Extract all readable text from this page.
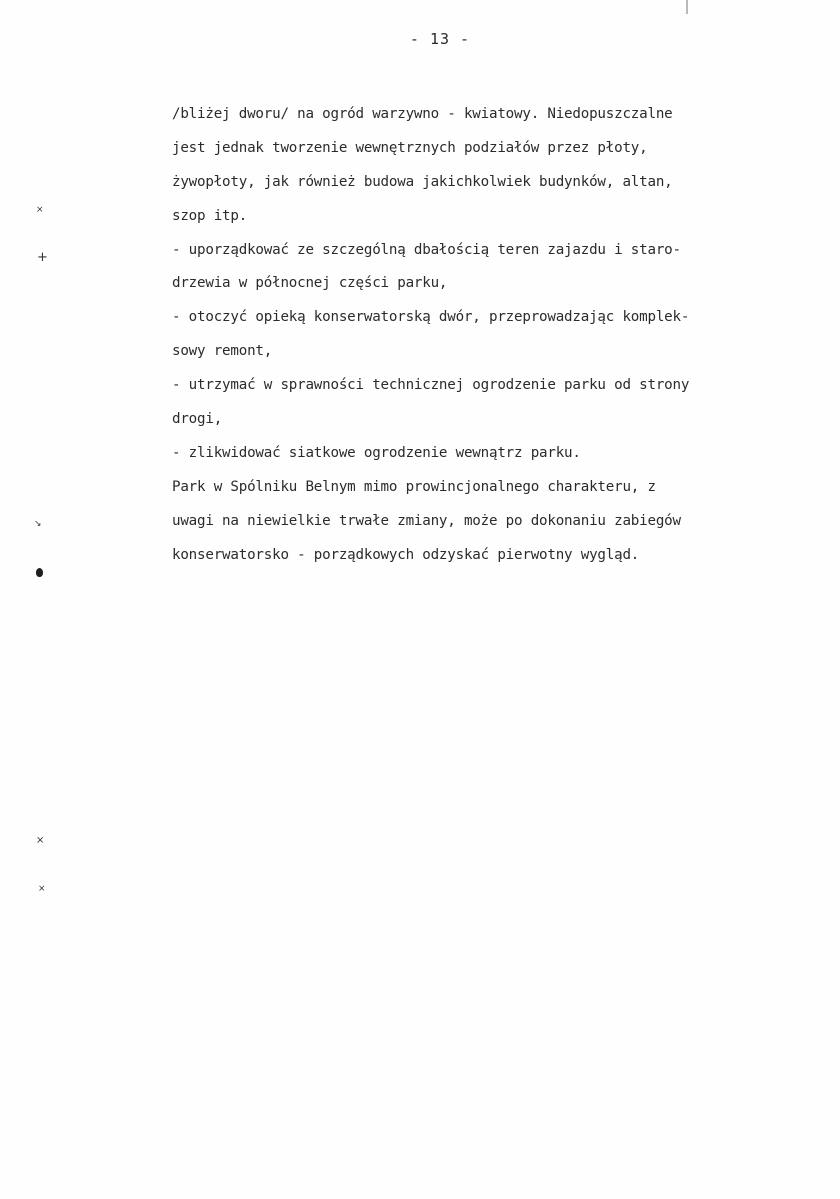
- 13 -
/bliżej dworu/ na ogród warzywno - kwiatowy. Niedopuszczalne
jest jednak tworzenie wewnętrznych podziałów przez płoty,
żywopłoty, jak również budowa jakichkolwiek budynków, altan,
szop itp.
- uporządkować ze szczególną dbałością teren zajazdu i staro-
drzewia w północnej części parku,
- otoczyć opieką konserwatorską dwór, przeprowadzając komplek-
sowy remont,
- utrzymać w sprawności technicznej ogrodzenie parku od strony
drogi,
- zlikwidować siatkowe ogrodzenie wewnątrz parku.
Park w Spólniku Belnym mimo prowincjonalnego charakteru, z
uwagi na niewielkie trwałe zmiany, może po dokonaniu zabiegów
konserwatorsko - porządkowych odzyskać pierwotny wygląd.
⨯
+
↘
⨯
⨯
